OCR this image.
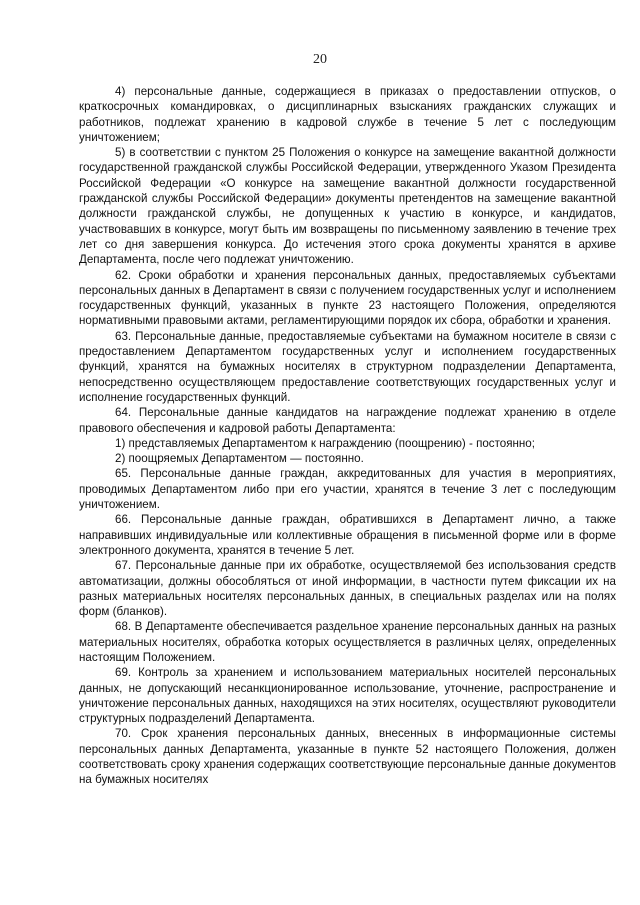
20

4) персональные данные, содержащиеся в приказах о предоставлении отпусков, о краткосрочных командировках, о дисциплинарных взысканиях гражданских служащих и работников, подлежат хранению в кадровой службе в течение 5 лет с последующим уничтожением;

5) в соответствии с пунктом 25 Положения о конкурсе на замещение вакантной должности государственной гражданской службы Российской Федерации, утвержденного Указом Президента Российской Федерации «О конкурсе на замещение вакантной должности государственной гражданской службы Российской Федерации» документы претендентов на замещение вакантной должности гражданской службы, не допущенных к участию в конкурсе, и кандидатов, участвовавших в конкурсе, могут быть им возвращены по письменному заявлению в течение трех лет со дня завершения конкурса. До истечения этого срока документы хранятся в архиве Департамента, после чего подлежат уничтожению.

62. Сроки обработки и хранения персональных данных, предоставляемых субъектами персональных данных в Департамент в связи с получением государственных услуг и исполнением государственных функций, указанных в пункте 23 настоящего Положения, определяются нормативными правовыми актами, регламентирующими порядок их сбора, обработки и хранения.

63. Персональные данные, предоставляемые субъектами на бумажном носителе в связи с предоставлением Департаментом государственных услуг и исполнением государственных функций, хранятся на бумажных носителях в структурном подразделении Департамента, непосредственно осуществляющем предоставление соответствующих государственных услуг и исполнение государственных функций.

64. Персональные данные кандидатов на награждение подлежат хранению в отделе правового обеспечения и кадровой работы Департамента:

1) представляемых Департаментом к награждению (поощрению) - постоянно;

2) поощряемых Департаментом — постоянно.

65. Персональные данные граждан, аккредитованных для участия в мероприятиях, проводимых Департаментом либо при его участии, хранятся в течение 3 лет с последующим уничтожением.

66. Персональные данные граждан, обратившихся в Департамент лично, а также направивших индивидуальные или коллективные обращения в письменной форме или в форме электронного документа, хранятся в течение 5 лет.

67. Персональные данные при их обработке, осуществляемой без использования средств автоматизации, должны обособляться от иной информации, в частности путем фиксации их на разных материальных носителях персональных данных, в специальных разделах или на полях форм (бланков).

68. В Департаменте обеспечивается раздельное хранение персональных данных на разных материальных носителях, обработка которых осуществляется в различных целях, определенных настоящим Положением.

69. Контроль за хранением и использованием материальных носителей персональных данных, не допускающий несанкционированное использование, уточнение, распространение и уничтожение персональных данных, находящихся на этих носителях, осуществляют руководители структурных подразделений Департамента.

70. Срок хранения персональных данных, внесенных в информационные системы персональных данных Департамента, указанные в пункте 52 настоящего Положения, должен соответствовать сроку хранения содержащих соответствующие персональные данные документов на бумажных носителях
